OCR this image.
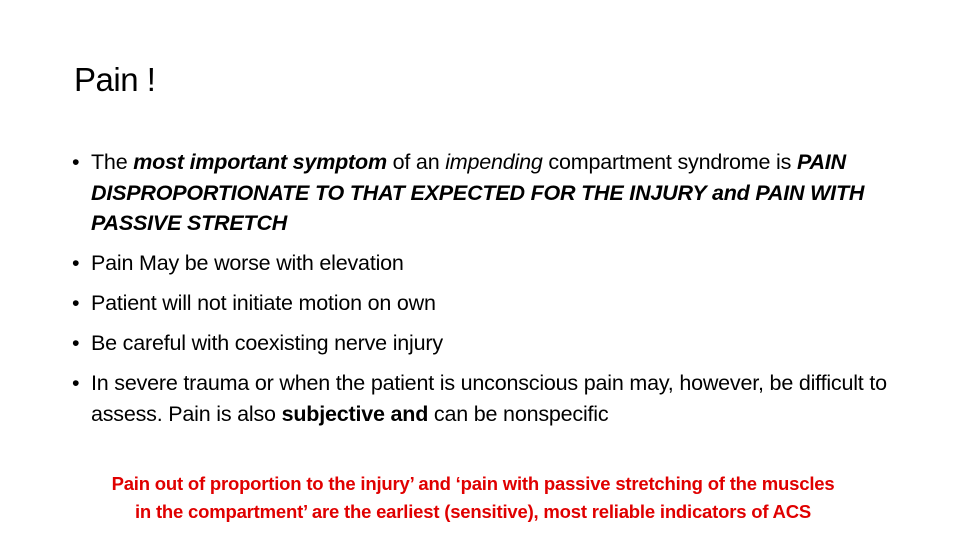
Pain !
• The most important symptom of an impending compartment syndrome is PAIN DISPROPORTIONATE TO THAT EXPECTED FOR THE INJURY and PAIN WITH PASSIVE STRETCH
• Pain May be worse with elevation
• Patient will not initiate motion on own
• Be careful with coexisting nerve injury
• In severe trauma or when the patient is unconscious pain may, however, be difficult to assess. Pain is also subjective and can be nonspecific
Pain out of proportion to the injury’ and ‘pain with passive stretching of the muscles
in the compartment’ are the earliest (sensitive), most reliable indicators of ACS
